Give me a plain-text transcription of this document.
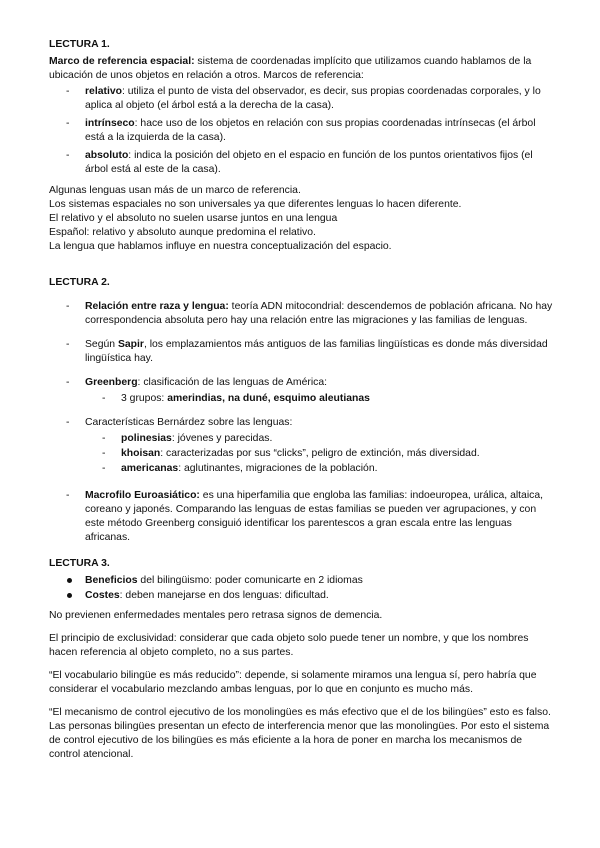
LECTURA 1.

Marco de referencia espacial: sistema de coordenadas implícito que utilizamos cuando hablamos de la ubicación de unos objetos en relación a otros. Marcos de referencia:

- relativo: utiliza el punto de vista del observador, es decir, sus propias coordenadas corporales, y lo aplica al objeto (el árbol está a la derecha de la casa).
- intrínseco: hace uso de los objetos en relación con sus propias coordenadas intrínsecas (el árbol está a la izquierda de la casa).
- absoluto: indica la posición del objeto en el espacio en función de los puntos orientativos fijos (el árbol está al este de la casa).
Algunas lenguas usan más de un marco de referencia.
Los sistemas espaciales no son universales ya que diferentes lenguas lo hacen diferente.
El relativo y el absoluto no suelen usarse juntos en una lengua
Español: relativo y absoluto aunque predomina el relativo.
La lengua que hablamos influye en nuestra conceptualización del espacio.
LECTURA 2.
- Relación entre raza y lengua: teoría ADN mitocondrial: descendemos de población africana. No hay correspondencia absoluta pero hay una relación entre las migraciones y las familias de lenguas.
- Según Sapir, los emplazamientos más antiguos de las familias lingüísticas es donde más diversidad lingüística hay.
- Greenberg: clasificación de las lenguas de América:
- 3 grupos: amerindias, na duné, esquimo aleutianas
- Características Bernárdez sobre las lenguas:
- polinesias: jóvenes y parecidas.
- khoisan: caracterizadas por sus “clicks”, peligro de extinción, más diversidad.
- americanas: aglutinantes, migraciones de la población.
- Macrofilo Euroasiático: es una hiperfamilia que engloba las familias: indoeuropea, urálica, altaica, coreano y japonés. Comparando las lenguas de estas familias se pueden ver agrupaciones, y con este método Greenberg consiguió identificar los parentescos a gran escala entre las lenguas africanas.
LECTURA 3.
Beneficios del bilingüismo: poder comunicarte en 2 idiomas
Costes: deben manejarse en dos lenguas: dificultad.

No previenen enfermedades mentales pero retrasa signos de demencia.

El principio de exclusividad: considerar que cada objeto solo puede tener un nombre, y que los nombres hacen referencia al objeto completo, no a sus partes.

“El vocabulario bilingüe es más reducido”: depende, si solamente miramos una lengua sí, pero habría que considerar el vocabulario mezclando ambas lenguas, por lo que en conjunto es mucho más.

“El mecanismo de control ejecutivo de los monolingües es más efectivo que el de los bilingües” esto es falso. Las personas bilingües presentan un efecto de interferencia menor que las monolingües. Por esto el sistema de control ejecutivo de los bilingües es más eficiente a la hora de poner en marcha los mecanismos de control atencional.
